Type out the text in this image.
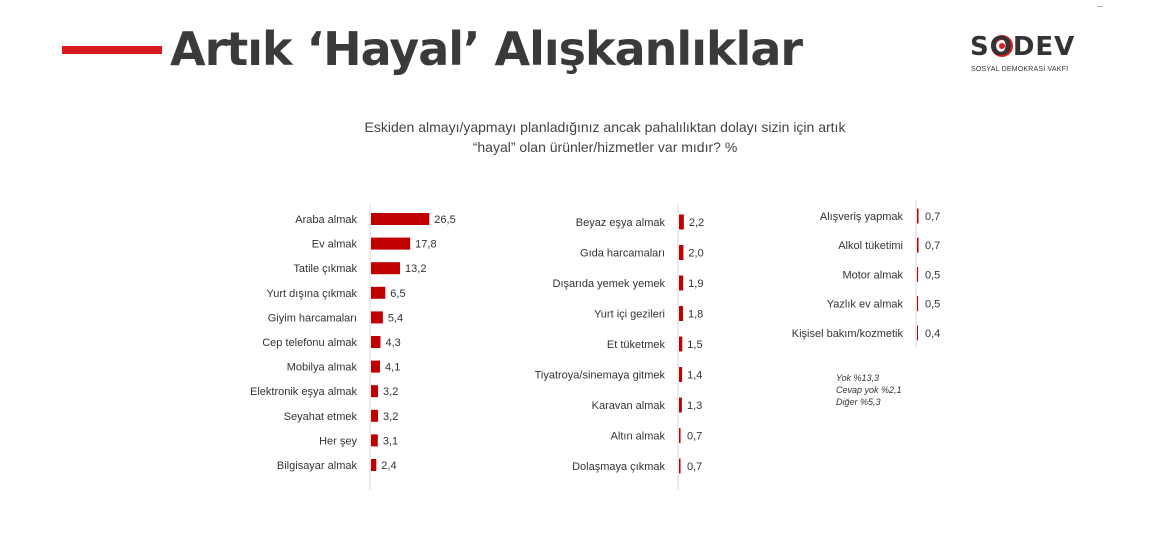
Artık ‘Hayal’ Alışkanlıklar	SODEV
SOSYAL DEMOKRASİ VAKFI
Eskiden almayı/yapmayı planladığınız ancak pahalılıktan dolayı sizin için artık
“hayal” olan ürünler/hizmetler var mıdır? %
Araba almak	26,5
Ev almak	17,8
Tatile çıkmak	13,2
Yurt dışına çıkmak	6,5
Giyim harcamaları	5,4
Cep telefonu almak	4,3
Mobilya almak	4,1
Elektronik eşya almak 3,2
Seyahat etmek 3,2
Her şey 3,1
Bilgisayar almak 2,4
Beyaz eşya almak 2,2
Gıda harcamaları 2,0
Dışarıda yemek yemek 1,9
Yurt içi gezileri 1,8
Et tüketmek 1,5
Tiyatroya/sinemaya gitmek 1,4
Karavan almak 1,3
Altın almak 0,7
Dolaşmaya çıkmak 0,7
Alışveriş yapmak 0,7
Alkol tüketimi 0,7
Motor almak 0,5
Yazlık ev almak 0,5
Kişisel bakım/kozmetik 0,4
Yok %13,3
Cevap yok %2,1
Diğer %5,3
